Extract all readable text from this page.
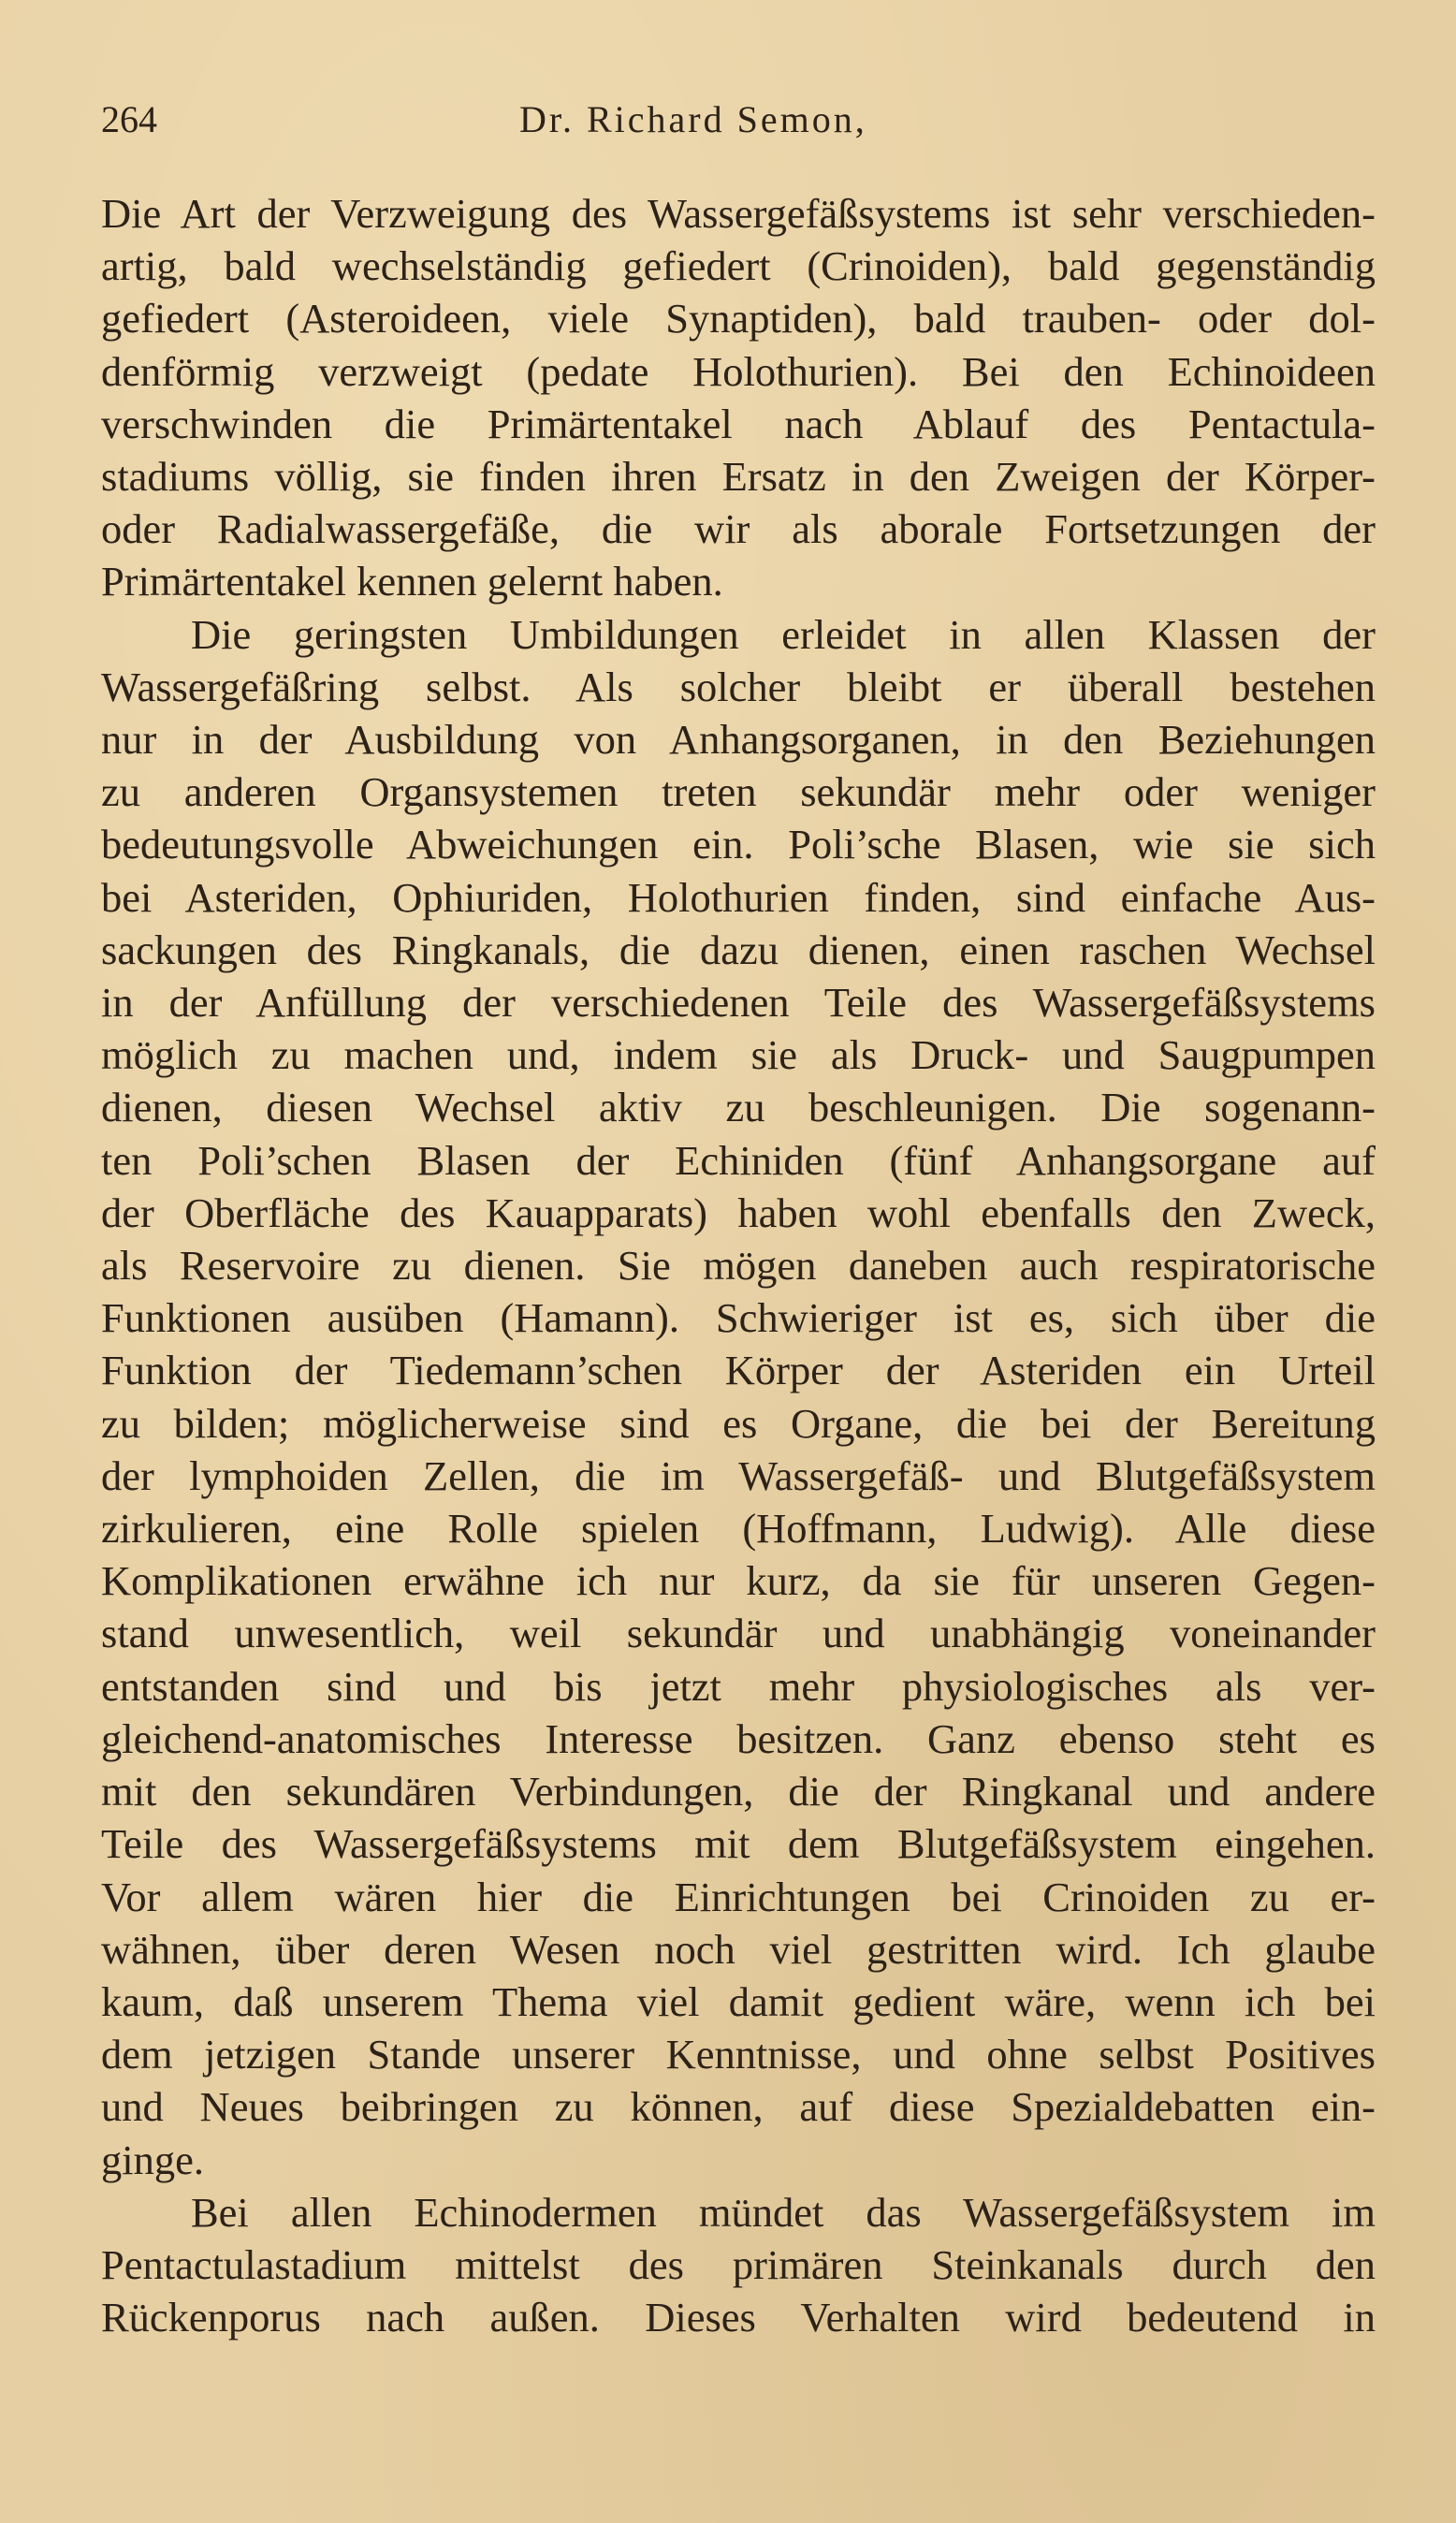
264	Dr. Richard Semon,

Die Art der Verzweigung des Wassergefäßsystems ist sehr verschieden-
artig, bald wechselständig gefiedert (Crinoiden), bald gegenständig
gefiedert (Asteroideen, viele Synaptiden), bald trauben- oder dol-
denförmig verzweigt (pedate Holothurien). Bei den Echinoideen
verschwinden die Primärtentakel nach Ablauf des Pentactula-
stadiums völlig, sie finden ihren Ersatz in den Zweigen der Körper-
oder Radialwassergefäße, die wir als aborale Fortsetzungen der
Primärtentakel kennen gelernt haben.

Die geringsten Umbildungen erleidet in allen Klassen der
Wassergefäßring selbst. Als solcher bleibt er überall bestehen
nur in der Ausbildung von Anhangsorganen, in den Beziehungen
zu anderen Organsystemen treten sekundär mehr oder weniger
bedeutungsvolle Abweichungen ein. Poli’sche Blasen, wie sie sich
bei Asteriden, Ophiuriden, Holothurien finden, sind einfache Aus-
sackungen des Ringkanals, die dazu dienen, einen raschen Wechsel
in der Anfüllung der verschiedenen Teile des Wassergefäßsystems
möglich zu machen und, indem sie als Druck- und Saugpumpen
dienen, diesen Wechsel aktiv zu beschleunigen. Die sogenann-
ten Poli’schen Blasen der Echiniden (fünf Anhangsorgane auf
der Oberfläche des Kauapparats) haben wohl ebenfalls den Zweck,
als Reservoire zu dienen. Sie mögen daneben auch respiratorische
Funktionen ausüben (Hamann). Schwieriger ist es, sich über die
Funktion der Tiedemann’schen Körper der Asteriden ein Urteil
zu bilden; möglicherweise sind es Organe, die bei der Bereitung
der lymphoiden Zellen, die im Wassergefäß- und Blutgefäßsystem
zirkulieren, eine Rolle spielen (Hoffmann, Ludwig). Alle diese
Komplikationen erwähne ich nur kurz, da sie für unseren Gegen-
stand unwesentlich, weil sekundär und unabhängig voneinander
entstanden sind und bis jetzt mehr physiologisches als ver-
gleichend-anatomisches Interesse besitzen. Ganz ebenso steht es
mit den sekundären Verbindungen, die der Ringkanal und andere
Teile des Wassergefäßsystems mit dem Blutgefäßsystem eingehen.
Vor allem wären hier die Einrichtungen bei Crinoiden zu er-
wähnen, über deren Wesen noch viel gestritten wird. Ich glaube
kaum, daß unserem Thema viel damit gedient wäre, wenn ich bei
dem jetzigen Stande unserer Kenntnisse, und ohne selbst Positives
und Neues beibringen zu können, auf diese Spezialdebatten ein-
ginge.

Bei allen Echinodermen mündet das Wassergefäßsystem im
Pentactulastadium mittelst des primären Steinkanals durch den
Rückenporus nach außen. Dieses Verhalten wird bedeutend in
